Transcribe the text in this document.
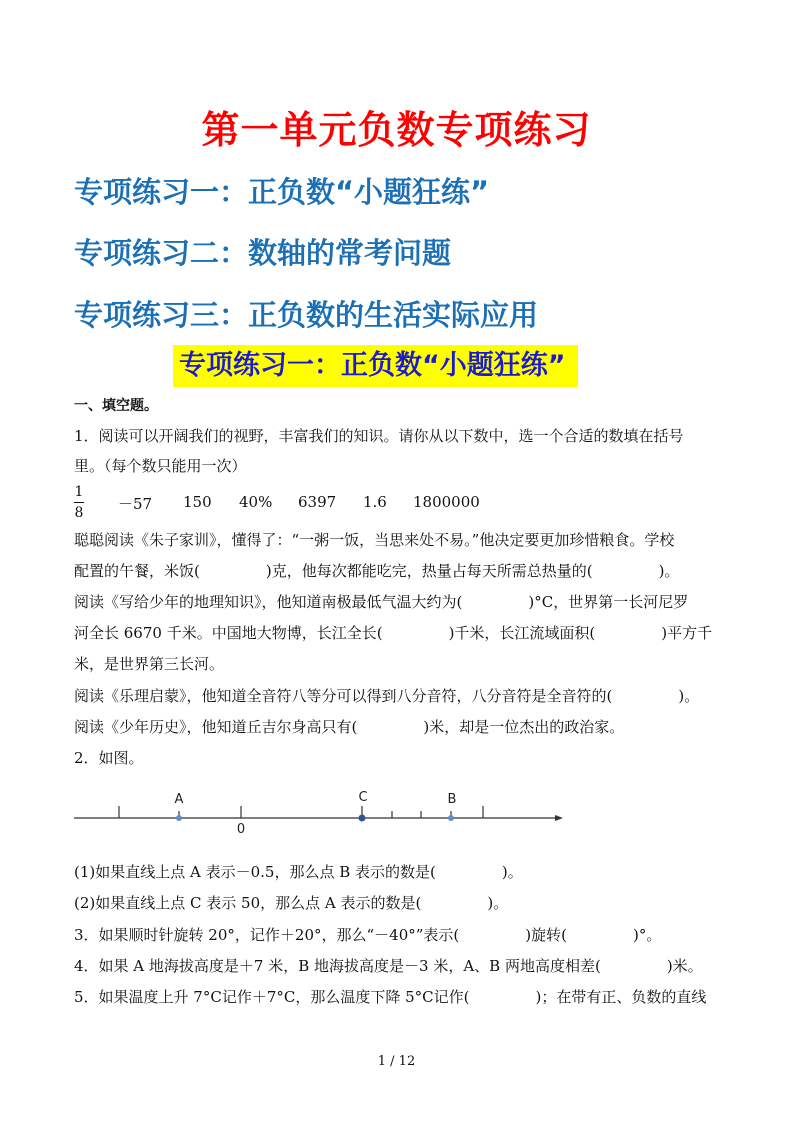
第一单元负数专项练习
专项练习一：正负数“小题狂练”
专项练习二：数轴的常考问题
专项练习三：正负数的生活实际应用
专项练习一：正负数“小题狂练”
一、填空题。
1．阅读可以开阔我们的视野，丰富我们的知识。请你从以下数中，选一个合适的数填在括号
里。（每个数只能用一次）
1
8 －57 150 40% 6397 1.6 1800000
聪聪阅读《朱子家训》，懂得了：“一粥一饭，当思来处不易。”他决定要更加珍惜粮食。学校
配置的午餐，米饭(	)克，他每次都能吃完，热量占每天所需总热量的(	)。
阅读《写给少年的地理知识》，他知道南极最低气温大约为(	)°C，世界第一长河尼罗
河全长 6670 千米。中国地大物博，长江全长(	)千米，长江流域面积(	)平方千
米，是世界第三长河。
阅读《乐理启蒙》，他知道全音符八等分可以得到八分音符，八分音符是全音符的(	)。
阅读《少年历史》，他知道丘吉尔身高只有(	)米，却是一位杰出的政治家。
2．如图。
A	C	B
0
(1)如果直线上点 A 表示－0.5，那么点 B 表示的数是(	)。
(2)如果直线上点 C 表示 50，那么点 A 表示的数是(	)。
3．如果顺时针旋转 20°，记作＋20°，那么“－40°”表示(	)旋转(	)°。
4．如果 A 地海拔高度是＋7 米，B 地海拔高度是－3 米，A、B 两地高度相差(	)米。
5．如果温度上升 7°C记作＋7°C，那么温度下降 5°C记作(	)；在带有正、负数的直线
1 / 12
